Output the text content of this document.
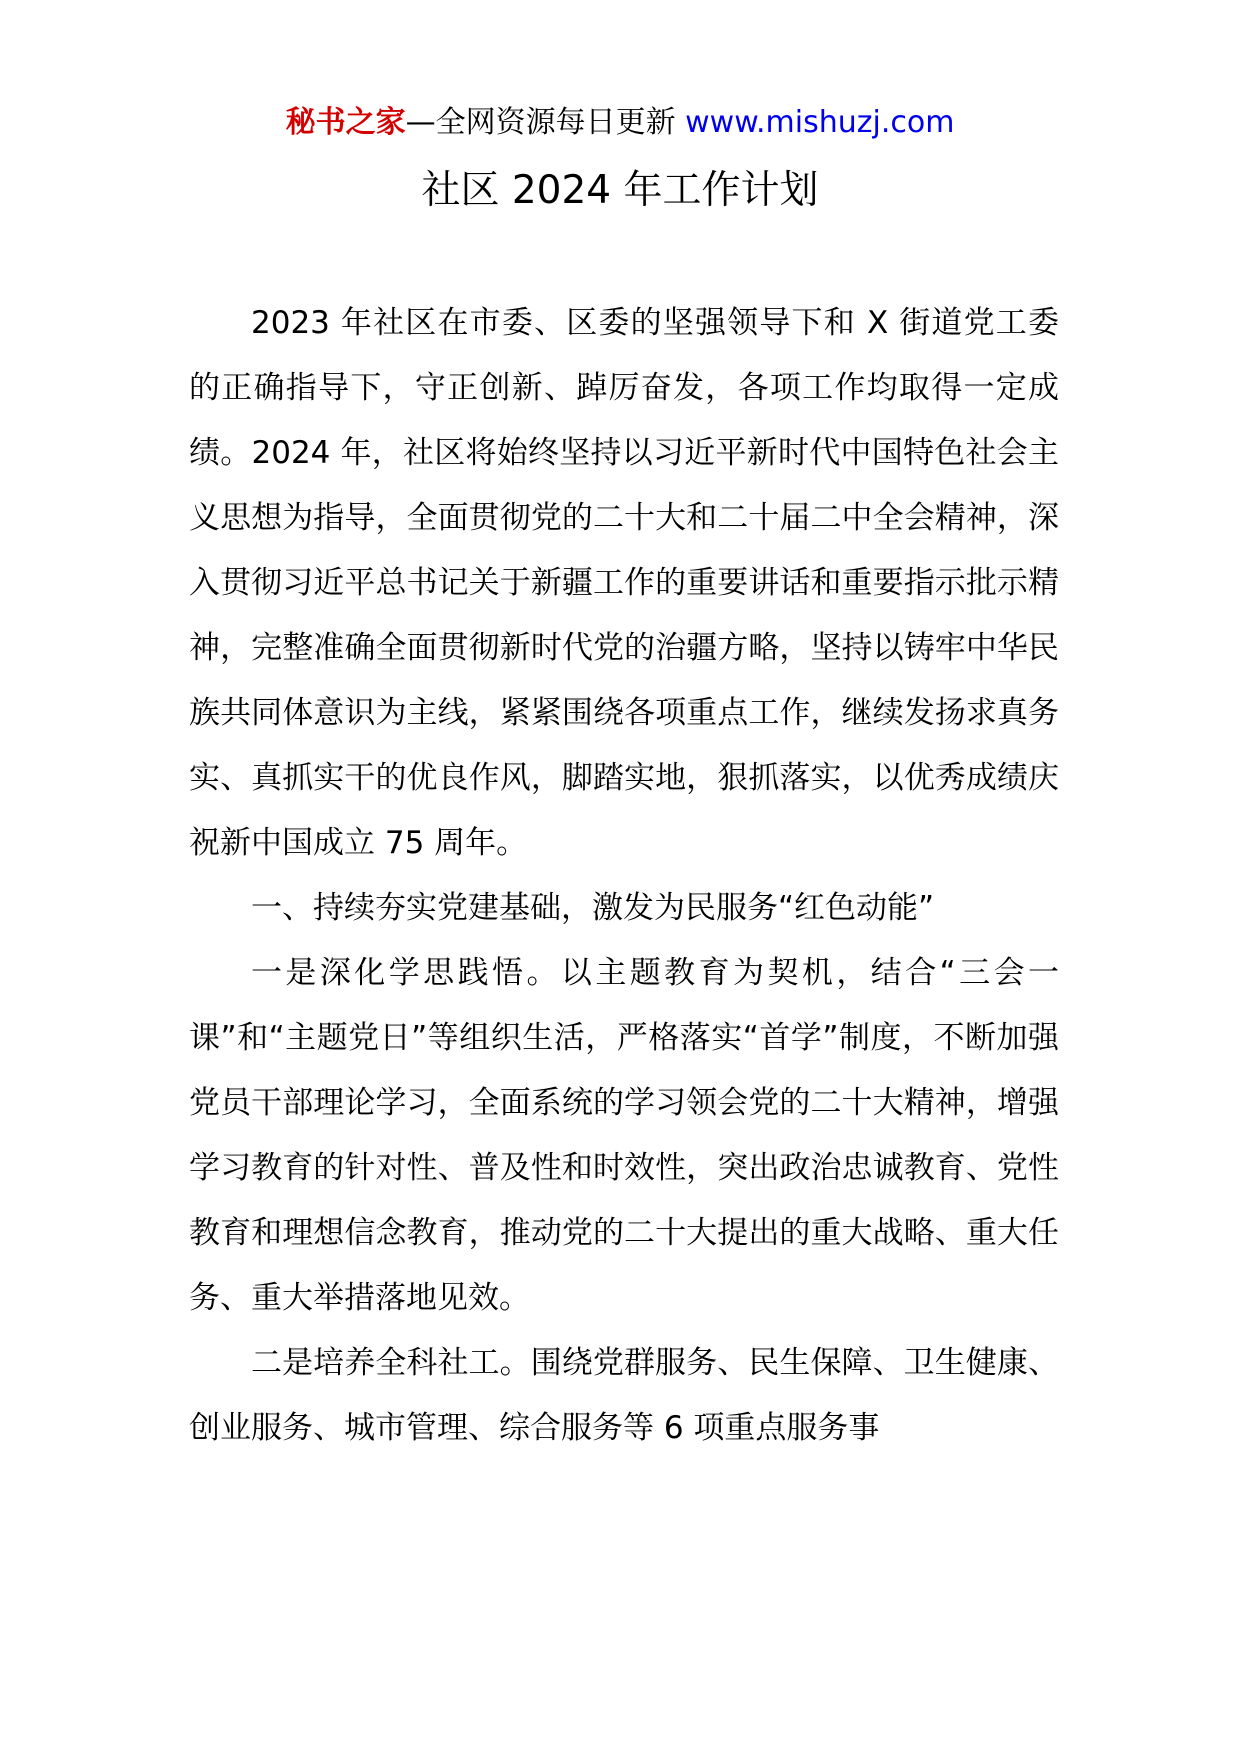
秘书之家—全网资源每日更新 www.mishuzj.com
社区 2024 年工作计划

2023 年社区在市委、区委的坚强领导下和 X 街道党工委的正确指导下，守正创新、踔厉奋发，各项工作均取得一定成绩。2024 年，社区将始终坚持以习近平新时代中国特色社会主义思想为指导，全面贯彻党的二十大和二十届二中全会精神，深入贯彻习近平总书记关于新疆工作的重要讲话和重要指示批示精神，完整准确全面贯彻新时代党的治疆方略，坚持以铸牢中华民族共同体意识为主线，紧紧围绕各项重点工作，继续发扬求真务实、真抓实干的优良作风，脚踏实地，狠抓落实，以优秀成绩庆祝新中国成立 75 周年。

一、持续夯实党建基础，激发为民服务“红色动能”

一是深化学思践悟。以主题教育为契机，结合“三会一课”和“主题党日”等组织生活，严格落实“首学”制度，不断加强党员干部理论学习，全面系统的学习领会党的二十大精神，增强学习教育的针对性、普及性和时效性，突出政治忠诚教育、党性教育和理想信念教育，推动党的二十大提出的重大战略、重大任务、重大举措落地见效。

二是培养全科社工。围绕党群服务、民生保障、卫生健康、创业服务、城市管理、综合服务等 6 项重点服务事
